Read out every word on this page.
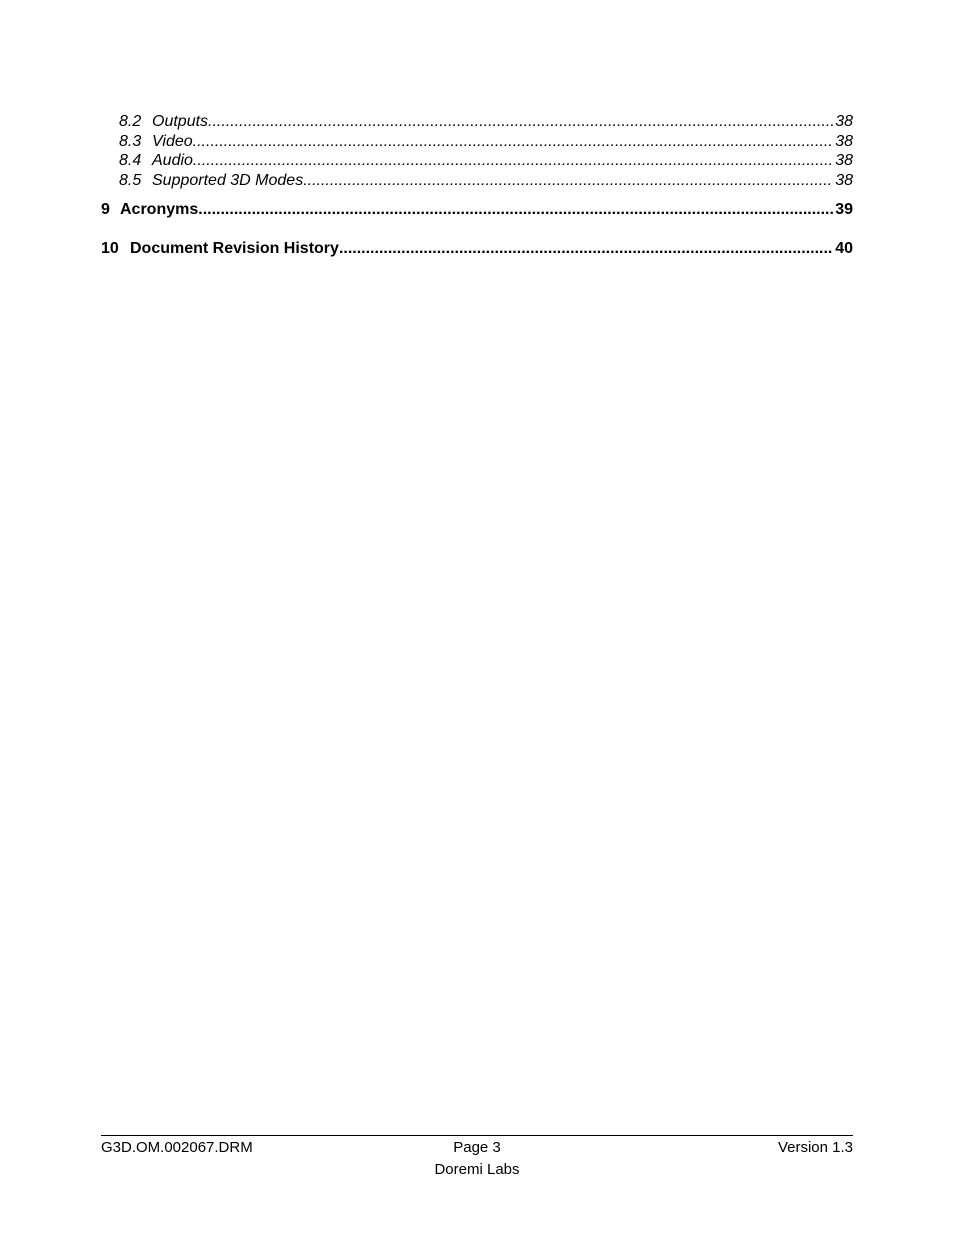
8.2 Outputs .....	38
8.3 Video .....	38
8.4 Audio .....	38
8.5 Supported 3D Modes .....	38
9 Acronyms .....	39
10 Document Revision History .....	40
G3D.OM.002067.DRM	Page 3	Version 1.3
Doremi Labs
